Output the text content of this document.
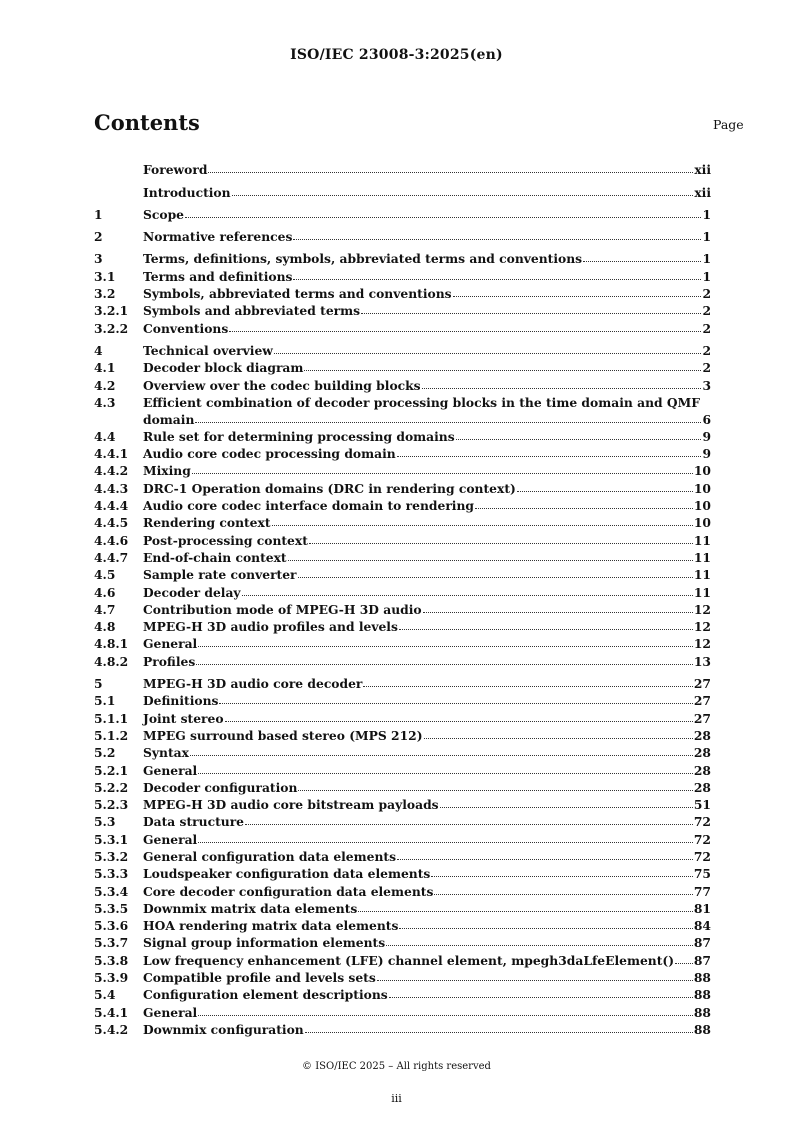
ISO/IEC 23008-3:2025(en)
Contents	Page
Foreword	xii
Introduction	xii
1	Scope	1
2	Normative references	1
3	Terms, definitions, symbols, abbreviated terms and conventions	1
3.1	Terms and definitions	1
3.2	Symbols, abbreviated terms and conventions	2
3.2.1	Symbols and abbreviated terms	2
3.2.2	Conventions	2
4	Technical overview	2
4.1	Decoder block diagram	2
4.2	Overview over the codec building blocks	3
4.3	Efficient combination of decoder processing blocks in the time domain and QMF
domain	6
4.4	Rule set for determining processing domains	9
4.4.1	Audio core codec processing domain	9
4.4.2	Mixing	10
4.4.3	DRC-1 Operation domains (DRC in rendering context)	10
4.4.4	Audio core codec interface domain to rendering	10
4.4.5	Rendering context	10
4.4.6	Post-processing context	11
4.4.7	End-of-chain context	11
4.5	Sample rate converter	11
4.6	Decoder delay	11
4.7	Contribution mode of MPEG-H 3D audio	12
4.8	MPEG-H 3D audio profiles and levels	12
4.8.1	General	12
4.8.2	Profiles	13
5	MPEG-H 3D audio core decoder	27
5.1	Definitions	27
5.1.1	Joint stereo	27
5.1.2	MPEG surround based stereo (MPS 212)	28
5.2	Syntax	28
5.2.1	General	28
5.2.2	Decoder configuration	28
5.2.3	MPEG-H 3D audio core bitstream payloads	51
5.3	Data structure	72
5.3.1	General	72
5.3.2	General configuration data elements	72
5.3.3	Loudspeaker configuration data elements	75
5.3.4	Core decoder configuration data elements	77
5.3.5	Downmix matrix data elements	81
5.3.6	HOA rendering matrix data elements	84
5.3.7	Signal group information elements	87
5.3.8	Low frequency enhancement (LFE) channel element, mpegh3daLfeElement() 87
5.3.9	Compatible profile and levels sets	88
5.4	Configuration element descriptions	88
5.4.1	General	88
5.4.2	Downmix configuration	88
© ISO/IEC 2025 – All rights reserved
iii
